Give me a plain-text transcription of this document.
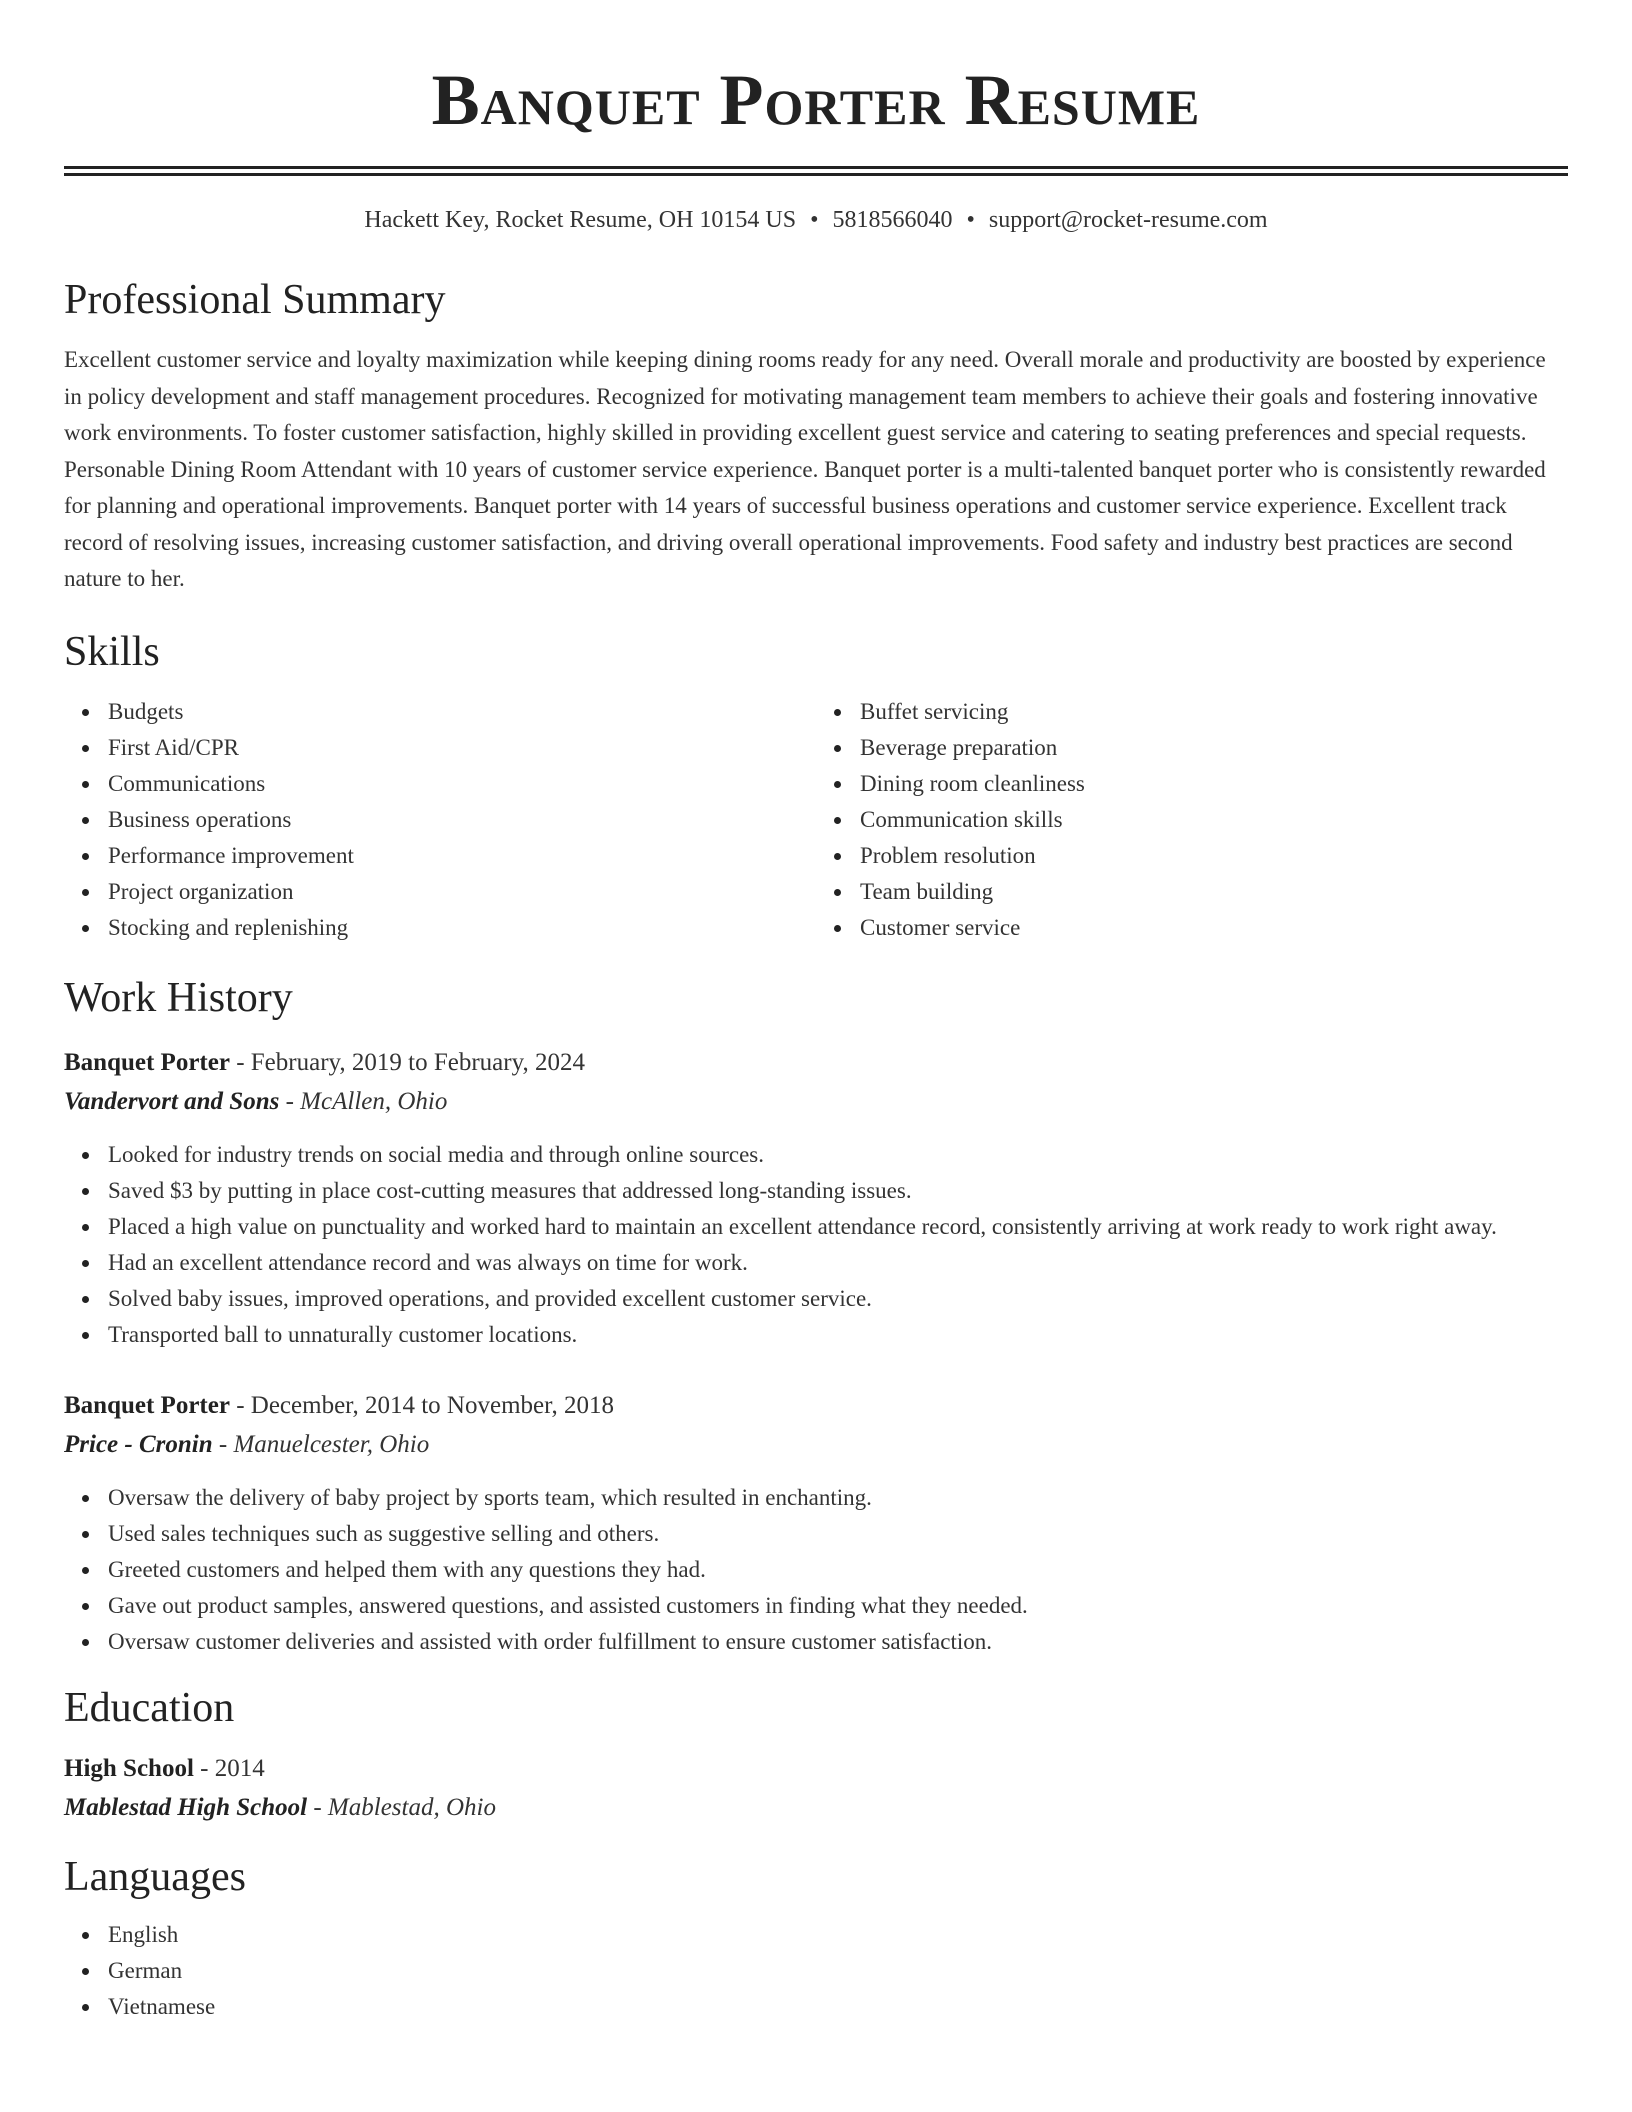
Banquet Porter Resume
Hackett Key, Rocket Resume, OH 10154 US • 5818566040 • support@rocket-resume.com
Professional Summary

Excellent customer service and loyalty maximization while keeping dining rooms ready for any need. Overall morale and productivity are boosted by experience in policy development and staff management procedures. Recognized for motivating management team members to achieve their goals and fostering innovative work environments. To foster customer satisfaction, highly skilled in providing excellent guest service and catering to seating preferences and special requests. Personable Dining Room Attendant with 10 years of customer service experience. Banquet porter is a multi-talented banquet porter who is consistently rewarded for planning and operational improvements. Banquet porter with 14 years of successful business operations and customer service experience. Excellent track record of resolving issues, increasing customer satisfaction, and driving overall operational improvements. Food safety and industry best practices are second nature to her.

Skills
Budgets
First Aid/CPR
Communications
Business operations
Performance improvement
Project organization
Stocking and replenishing
Buffet servicing
Beverage preparation
Dining room cleanliness
Communication skills
Problem resolution
Team building
Customer service
Work History
Banquet Porter - February, 2019 to February, 2024
Vandervort and Sons - McAllen, Ohio
Looked for industry trends on social media and through online sources.
Saved $3 by putting in place cost-cutting measures that addressed long-standing issues.
Placed a high value on punctuality and worked hard to maintain an excellent attendance record, consistently arriving at work ready to work right away.
Had an excellent attendance record and was always on time for work.
Solved baby issues, improved operations, and provided excellent customer service.
Transported ball to unnaturally customer locations.
Banquet Porter - December, 2014 to November, 2018
Price - Cronin - Manuelcester, Ohio
Oversaw the delivery of baby project by sports team, which resulted in enchanting.
Used sales techniques such as suggestive selling and others.
Greeted customers and helped them with any questions they had.
Gave out product samples, answered questions, and assisted customers in finding what they needed.
Oversaw customer deliveries and assisted with order fulfillment to ensure customer satisfaction.
Education
High School - 2014
Mablestad High School - Mablestad, Ohio
Languages
English
German
Vietnamese
